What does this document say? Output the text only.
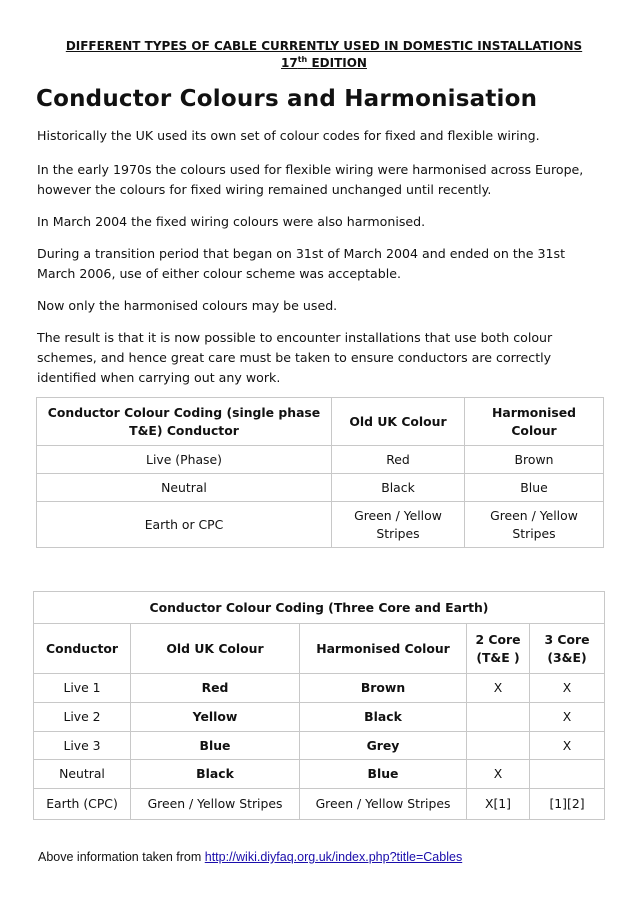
DIFFERENT TYPES OF CABLE CURRENTLY USED IN DOMESTIC INSTALLATIONS
17th EDITION
Conductor Colours and Harmonisation

Historically the UK used its own set of colour codes for fixed and flexible wiring.

In the early 1970s the colours used for flexible wiring were harmonised across Europe, however the colours for fixed wiring remained unchanged until recently.

In March 2004 the fixed wiring colours were also harmonised.

During a transition period that began on 31st of March 2004 and ended on the 31st March 2006, use of either colour scheme was acceptable.

Now only the harmonised colours may be used.

The result is that it is now possible to encounter installations that use both colour schemes, and hence great care must be taken to ensure conductors are correctly identified when carrying out any work.

Conductor Colour Coding (single phase T&E) Conductor	Old UK Colour	Harmonised Colour
Live (Phase)	Red	Brown
Neutral	Black	Blue
Earth or CPC	Green / Yellow Stripes	Green / Yellow Stripes
Conductor Colour Coding (Three Core and Earth)				
Conductor	Old UK Colour	Harmonised Colour	2 Core (T&E )	3 Core (3&E)
Live 1	Red	Brown	X	X
Live 2	Yellow	Black		X
Live 3	Blue	Grey		X
Neutral	Black	Blue	X	
Earth (CPC)	Green / Yellow Stripes	Green / Yellow Stripes	X[1]	[1][2]
Above information taken from http://wiki.diyfaq.org.uk/index.php?title=Cables
